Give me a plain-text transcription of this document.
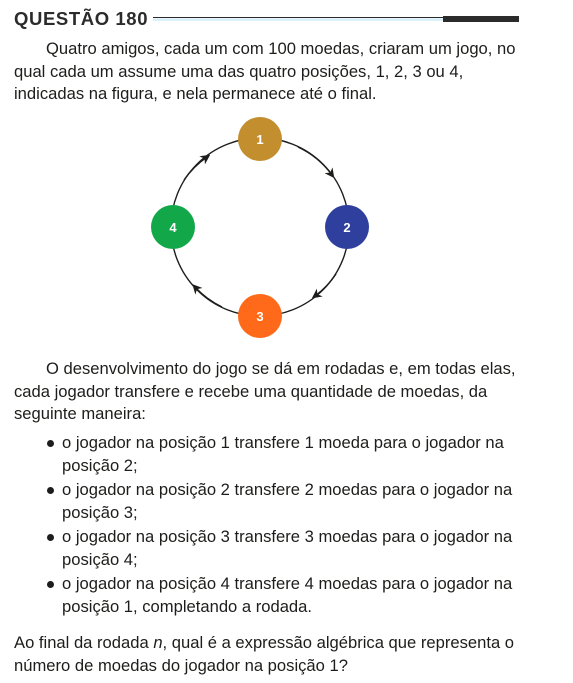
QUESTÃO 180

Quatro amigos, cada um com 100 moedas, criaram um jogo, no qual cada um assume uma das quatro posições, 1, 2, 3 ou 4, indicadas na figura, e nela permanece até o final.

1
2
3
4

O desenvolvimento do jogo se dá em rodadas e, em todas elas, cada jogador transfere e recebe uma quantidade de moedas, da seguinte maneira:

o jogador na posição 1 transfere 1 moeda para o jogador na posição 2;
o jogador na posição 2 transfere 2 moedas para o jogador na posição 3;
o jogador na posição 3 transfere 3 moedas para o jogador na posição 4;
o jogador na posição 4 transfere 4 moedas para o jogador na posição 1, completando a rodada.

Ao final da rodada n, qual é a expressão algébrica que representa o número de moedas do jogador na posição 1?
